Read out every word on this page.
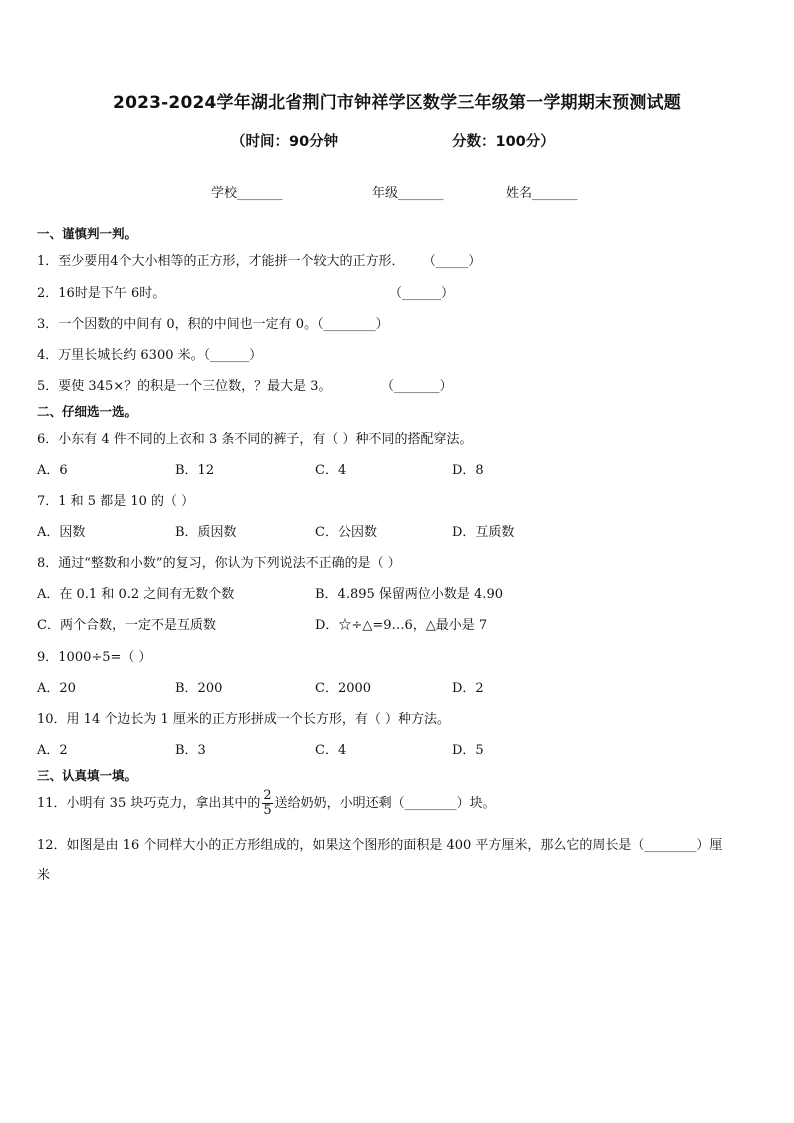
2023-2024学年湖北省荆门市钟祥学区数学三年级第一学期期末预测试题
（时间：90分钟	分数：100分）
学校_______	年级_______	姓名_______
一、谨慎判一判。
1．至少要用4个大小相等的正方形，才能拼一个较大的正方形． （_____）
2．16时是下午 6时。	（______）
3．一个因数的中间有 0，积的中间也一定有 0。（________）
4．万里长城长约 6300 米。（______）
5．要使 345×？的积是一个三位数，？最大是 3。	（_______）
二、仔细选一选。
6．小东有 4 件不同的上衣和 3 条不同的裤子，有（ ）种不同的搭配穿法。
A．6	B．12	C．4	D．8
7．1 和 5 都是 10 的（ ）
A．因数	B．质因数	C．公因数	D．互质数
8．通过“整数和小数”的复习，你认为下列说法不正确的是（ ）
A．在 0.1 和 0.2 之间有无数个数	B．4.895 保留两位小数是 4.90
C．两个合数，一定不是互质数	D．☆÷△=9…6，△最小是 7
9．1000÷5=（ ）
A．20	B．200	C．2000	D．2
10．用 14 个边长为 1 厘米的正方形拼成一个长方形，有（ ）种方法。
A．2	B．3	C．4	D．5
三、认真填一填。
11．小明有 35 块巧克力，拿出其中的 $\frac{2}{5}$ 送给奶奶，小明还剩（________）块。
12．如图是由 16 个同样大小的正方形组成的，如果这个图形的面积是 400 平方厘米，那么它的周长是（________）厘
米
